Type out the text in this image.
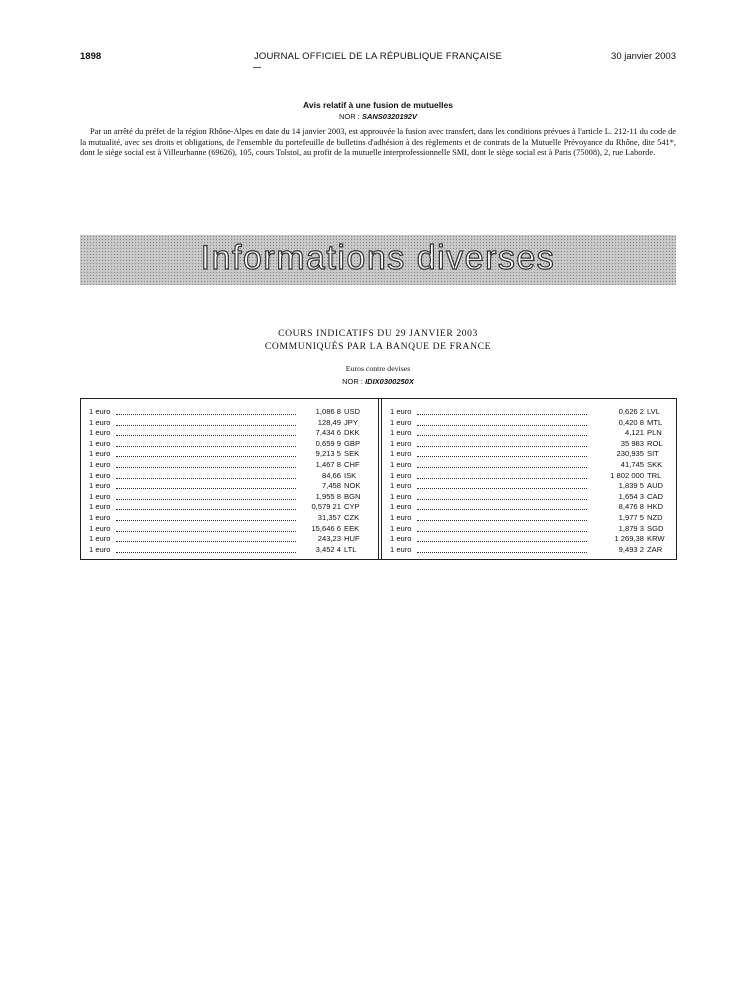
1898	JOURNAL OFFICIEL DE LA RÉPUBLIQUE FRANÇAISE	30 janvier 2003
Avis relatif à une fusion de mutuelles
NOR : SANS0320192V
Par un arrêté du préfet de la région Rhône-Alpes en date du 14 janvier 2003, est approuvée la fusion avec transfert, dans les conditions prévues à l'article L. 212-11 du code de la mutualité, avec ses droits et obligations, de l'ensemble du portefeuille de bulletins d'adhésion à des règlements et de contrats de la Mutuelle Prévoyance du Rhône, dite 541*, dont le siège social est à Villeurbanne (69626), 105, cours Tolstoï, au profit de la mutuelle interprofessionnelle SMI, dont le siège social est à Paris (75008), 2, rue Laborde.
Informations diverses
COURS INDICATIFS DU 29 JANVIER 2003
COMMUNIQUÉS PAR LA BANQUE DE FRANCE
Euros contre devises
NOR : IDIX0300250X
1 euro	1,086 8 USD
1 euro	128,49 JPY
1 euro	7,434 6 DKK
1 euro	0,659 9 GBP
1 euro	9,213 5 SEK
1 euro	1,467 8 CHF
1 euro	84,66 ISK
1 euro	7,458 NOK
1 euro	1,955 8 BGN
1 euro	0,579 21 CYP
1 euro	31,357 CZK
1 euro	15,646 6 EEK
1 euro	243,23 HUF
1 euro	3,452 4 LTL
1 euro	0,626 2 LVL
1 euro	0,420 8 MTL
1 euro	4,121 PLN
1 euro	35 983 ROL
1 euro	230,935 SIT
1 euro	41,745 SKK
1 euro	1 802 000 TRL
1 euro	1,839 5 AUD
1 euro	1,654 3 CAD
1 euro	8,476 8 HKD
1 euro	1,977 5 NZD
1 euro	1,879 3 SGD
1 euro	1 269,38 KRW
1 euro	9,493 2 ZAR
